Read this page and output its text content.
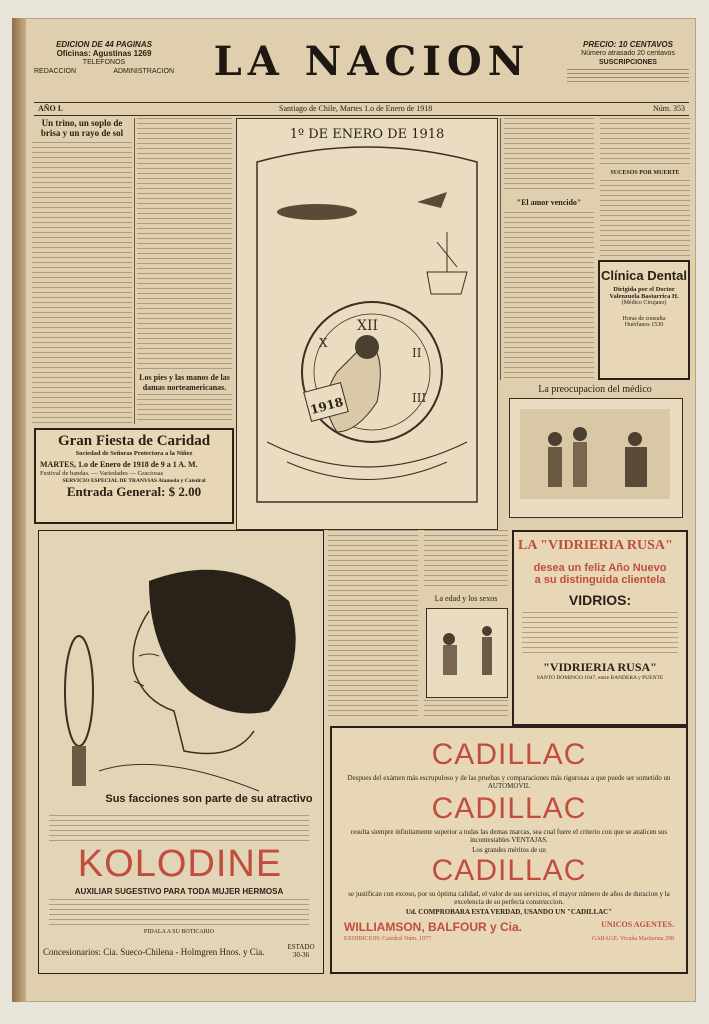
EDICION DE 44 PAGINAS
Oficinas: Agustinas 1269
TELEFONOS
REDACCION	ADMINISTRACION LA NACION	PRECIO: 10 CENTAVOS
Número atrasado 20 centavos
SUSCRIPCIONES
AÑO I.	Santiago de Chile, Martes 1.o de Enero de 1918	Núm. 353
Un trino, un soplo de brisa y un rayo de sol
Los pies y las manos de las damas norteamericanas.
Gran Fiesta de Caridad
Sociedad de Señoras Protectora a la Niñez
MARTES, 1.o de Enero de 1918 de 9 a 1 A. M.
Festival de bandas. — Variedades — Graciosas
SERVICIO ESPECIAL DE TRANVIAS Alameda y Catedral
Entrada General: $ 2.00
1º DE ENERO DE 1918
XII
II
III
X
1918
"El amor vencido"
SUCESOS POR MUERTE
Clínica Dental
Dirigida por el Doctor Valenzuela Bastarrica H.
(Médico Cirujano)
Horas de consulta
Huérfanos 1530
La preocupacion del médico
Sus facciones son parte de su atractivo
KOLODINE
AUXILIAR SUGESTIVO PARA TODA MUJER HERMOSA
PIDALA A SU BOTICARIO
Concesionarios: Cia. Sueco-Chilena - Holmgren Hnos. y Cia.	ESTADO 30-36
La edad y los sexos
LA "VIDRIERIA RUSA"
desea un feliz Año Nuevo
a su distinguida clientela
VIDRIOS:
"VIDRIERIA RUSA"
SANTO DOMINGO 1047, entre BANDERA y PUENTE
CADILLAC
Despues del exámen más escrupuloso y de las pruebas y comparaciones más rigurosas a que puede ser sometido un AUTOMOVIL
CADILLAC
resulta siempre infinitamente superior a todas las demas marcas, sea cual fuere el criterio con que se analicen sus incontestables VENTAJAS.
Los grandes méritos de un
CADILLAC
se justifican con exceso, por su óptima calidad, el valor de sus servicios, el mayor número de años de duracion y la excelencia de su perfecta construccion.
Ud. COMPROBARA ESTA VERDAD, USANDO UN "CADILLAC"
WILLIAMSON, BALFOUR y Cia.	UNICOS AGENTES.
EXHIBICION: Catedral Núm. 1077	GARAGE: Vicuña Mackenna 298
